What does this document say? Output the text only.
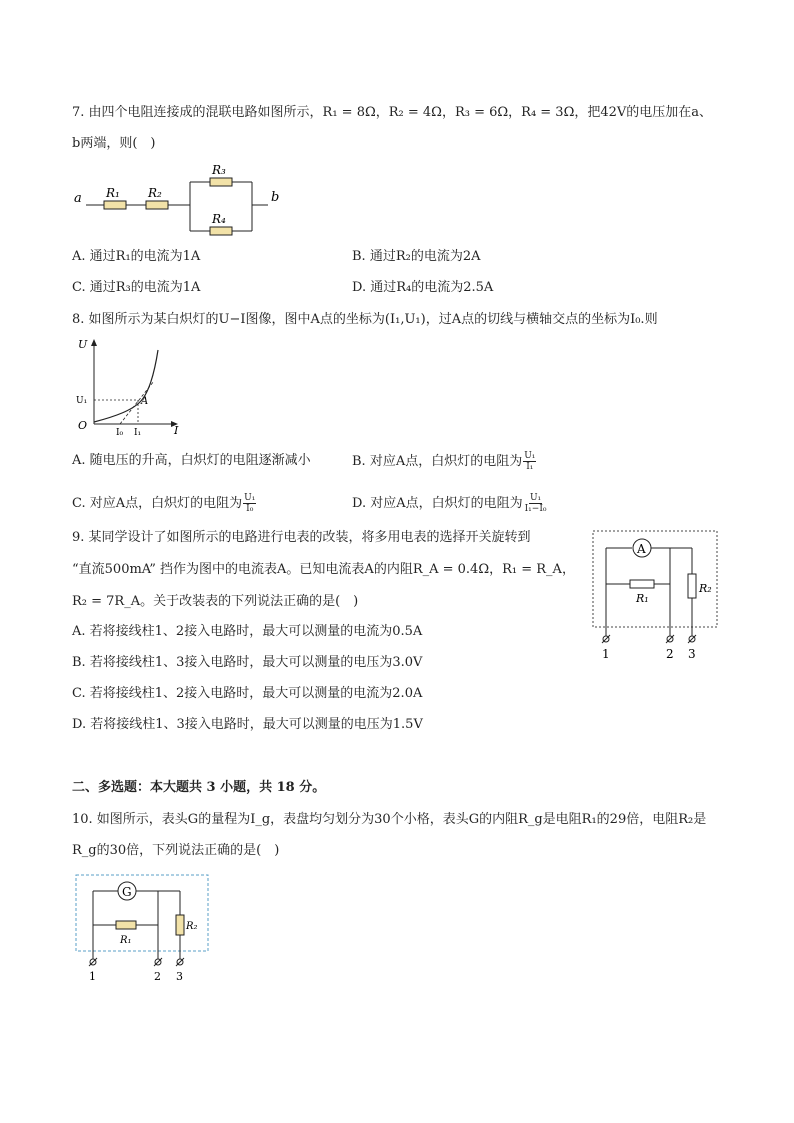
7. 由四个电阻连接成的混联电路如图所示，R₁ = 8Ω，R₂ = 4Ω，R₃ = 6Ω，R₄ = 3Ω，把42V的电压加在a、
b两端，则(　)
a R₁ R₂
R₃
R₄
b
A. 通过R₁的电流为1A	B. 通过R₂的电流为2A
C. 通过R₃的电流为1A	D. 通过R₄的电流为2.5A
8. 如图所示为某白炽灯的U−I图像，图中A点的坐标为(I₁,U₁)，过A点的切线与横轴交点的坐标为I₀.则
U
I
O
U₁	A
I₀ I₁
A. 随电压的升高，白炽灯的电阻逐渐减小	B. 对应A点，白炽灯的电阻为 $\frac{\text{U₁}}{\text{I₁}}$
C. 对应A点，白炽灯的电阻为 $\frac{\text{U₁}}{\text{I₀}}$	D. 对应A点，白炽灯的电阻为 $\frac{\text{U₁}}{\text{I₁−I₀}}$
9. 某同学设计了如图所示的电路进行电表的改装，将多用电表的选择开关旋转到
“直流500mA” 挡作为图中的电流表A。已知电流表A的内阻R_A = 0.4Ω，R₁ = R_A，
R₂ = 7R_A。关于改装表的下列说法正确的是(　)
A. 若将接线柱1、2接入电路时，最大可以测量的电流为0.5A
B. 若将接线柱1、3接入电路时，最大可以测量的电压为3.0V
C. 若将接线柱1、2接入电路时，最大可以测量的电流为2.0A
D. 若将接线柱1、3接入电路时，最大可以测量的电压为1.5V
A
R₁
R₂
1	2 3
二、多选题：本大题共 3 小题，共 18 分。
10. 如图所示，表头G的量程为I_g，表盘均匀划分为30个小格，表头G的内阻R_g是电阻R₁的29倍，电阻R₂是
R_g的30倍，下列说法正确的是(　)
G
R₁
R₂
1	2 3
